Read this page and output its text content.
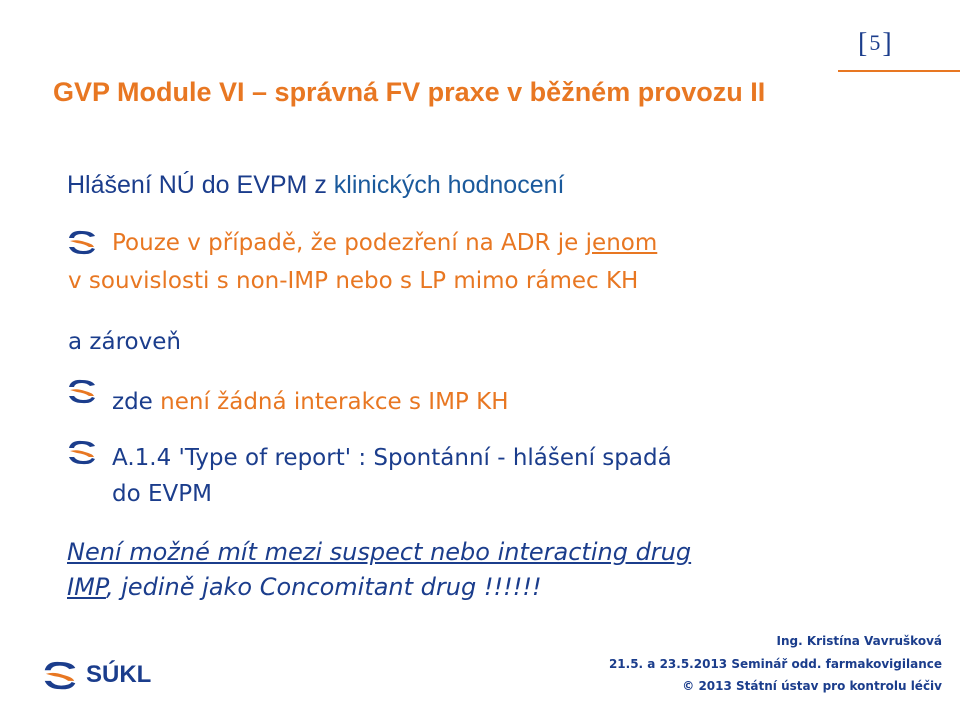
[5]
GVP Module VI – správná FV praxe v běžném provozu II
Hlášení NÚ do EVPM z klinických hodnocení
Pouze v případě, že podezření na ADR je jenom
v souvislosti s non-IMP nebo s LP mimo rámec KH
a zároveň
zde není žádná interakce s IMP KH
A.1.4 'Type of report' : Spontánní - hlášení spadá
do EVPM
Není možné mít mezi suspect nebo interacting drug
IMP, jedině jako Concomitant drug !!!!!!
SÚKL
Ing. Kristína Vavrušková
21.5. a 23.5.2013 Seminář odd. farmakovigilance
© 2013 Státní ústav pro kontrolu léčiv
